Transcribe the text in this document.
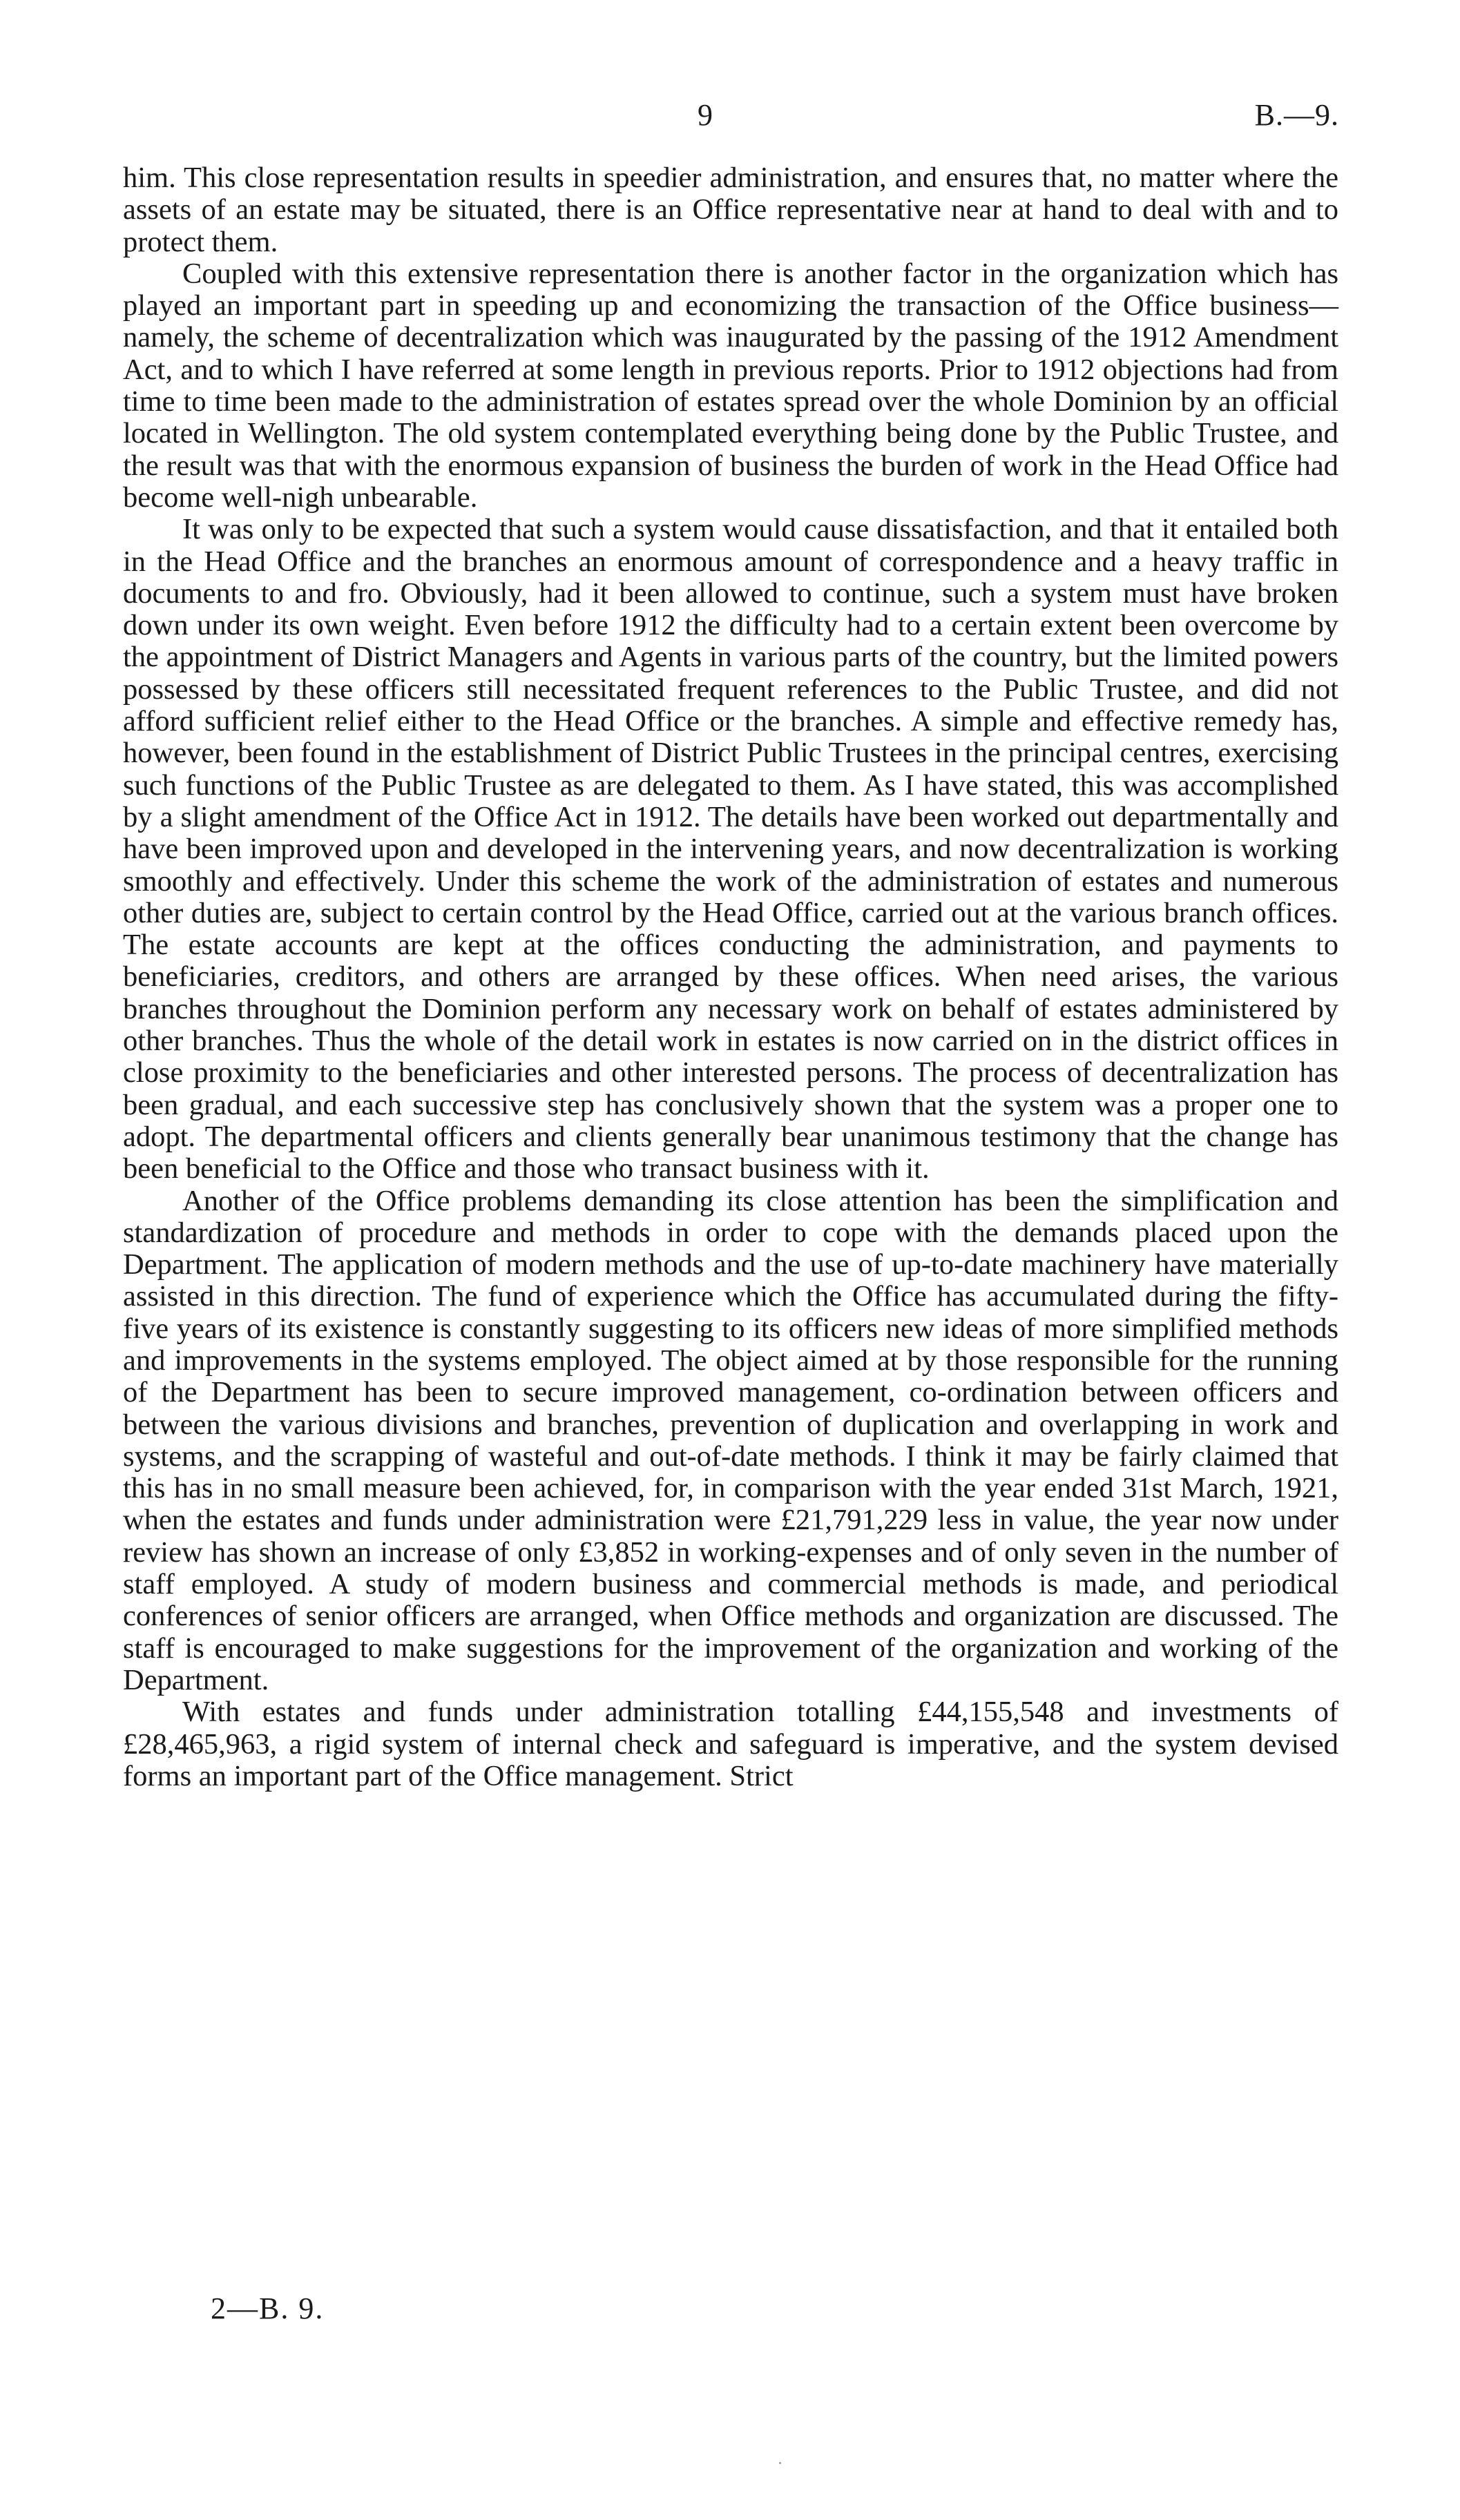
9	B.—9.

him. This close representation results in speedier administration, and ensures that, no matter where the assets of an estate may be situated, there is an Office representative near at hand to deal with and to protect them.

Coupled with this extensive representation there is another factor in the organization which has played an important part in speeding up and economizing the transaction of the Office business—namely, the scheme of decentralization which was inaugurated by the passing of the 1912 Amendment Act, and to which I have referred at some length in previous reports. Prior to 1912 objections had from time to time been made to the administration of estates spread over the whole Dominion by an official located in Wellington. The old system contemplated everything being done by the Public Trustee, and the result was that with the enormous expansion of business the burden of work in the Head Office had become well-nigh unbearable.

It was only to be expected that such a system would cause dissatisfaction, and that it entailed both in the Head Office and the branches an enormous amount of correspondence and a heavy traffic in documents to and fro. Obviously, had it been allowed to continue, such a system must have broken down under its own weight. Even before 1912 the difficulty had to a certain extent been overcome by the appointment of District Managers and Agents in various parts of the country, but the limited powers possessed by these officers still necessitated frequent references to the Public Trustee, and did not afford sufficient relief either to the Head Office or the branches. A simple and effective remedy has, however, been found in the establishment of District Public Trustees in the principal centres, exercising such functions of the Public Trustee as are delegated to them. As I have stated, this was accomplished by a slight amendment of the Office Act in 1912. The details have been worked out departmentally and have been improved upon and developed in the intervening years, and now decentralization is working smoothly and effectively. Under this scheme the work of the administration of estates and numerous other duties are, subject to certain control by the Head Office, carried out at the various branch offices. The estate accounts are kept at the offices conducting the administration, and payments to beneficiaries, creditors, and others are arranged by these offices. When need arises, the various branches throughout the Dominion perform any necessary work on behalf of estates administered by other branches. Thus the whole of the detail work in estates is now carried on in the district offices in close proximity to the beneficiaries and other interested persons. The process of decentralization has been gradual, and each successive step has conclusively shown that the system was a proper one to adopt. The departmental officers and clients generally bear unanimous testimony that the change has been beneficial to the Office and those who transact business with it.

Another of the Office problems demanding its close attention has been the simplification and standardization of procedure and methods in order to cope with the demands placed upon the Department. The application of modern methods and the use of up-to-date machinery have materially assisted in this direction. The fund of experience which the Office has accumulated during the fifty-five years of its existence is constantly suggesting to its officers new ideas of more simplified methods and improvements in the systems employed. The object aimed at by those responsible for the running of the Department has been to secure improved management, co-ordination between officers and between the various divisions and branches, prevention of duplication and overlapping in work and systems, and the scrapping of wasteful and out-of-date methods. I think it may be fairly claimed that this has in no small measure been achieved, for, in comparison with the year ended 31st March, 1921, when the estates and funds under administration were £21,791,229 less in value, the year now under review has shown an increase of only £3,852 in working-expenses and of only seven in the number of staff employed. A study of modern business and commercial methods is made, and periodical conferences of senior officers are arranged, when Office methods and organization are discussed. The staff is encouraged to make suggestions for the improvement of the organization and working of the Department.

With estates and funds under administration totalling £44,155,548 and investments of £28,465,963, a rigid system of internal check and safeguard is imperative, and the system devised forms an important part of the Office management. Strict

2—B. 9.
